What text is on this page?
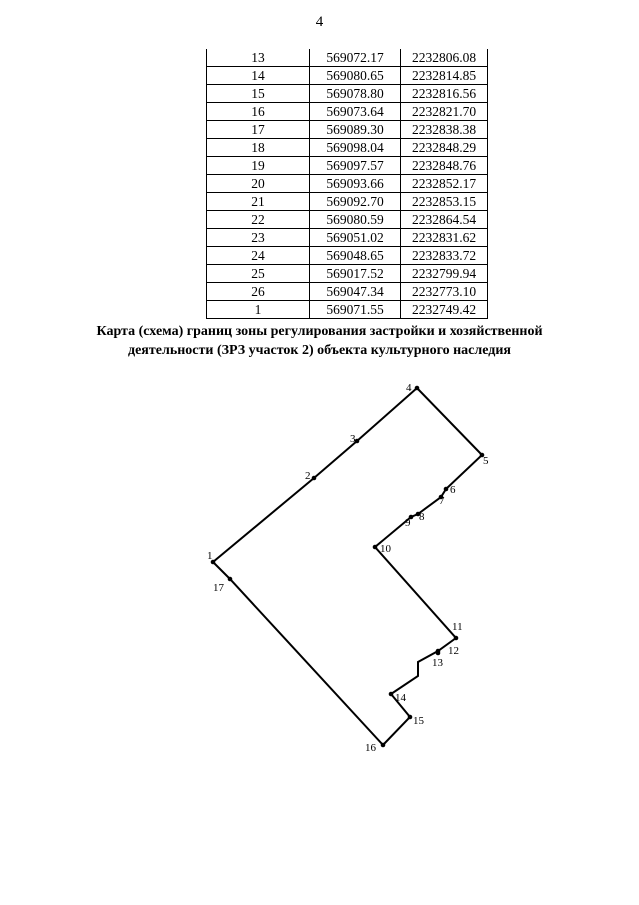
4
13	569072.17	2232806.08
14	569080.65	2232814.85
15	569078.80	2232816.56
16	569073.64	2232821.70
17	569089.30	2232838.38
18	569098.04	2232848.29
19	569097.57	2232848.76
20	569093.66	2232852.17
21	569092.70	2232853.15
22	569080.59	2232864.54
23	569051.02	2232831.62
24	569048.65	2232833.72
25	569017.52	2232799.94
26	569047.34	2232773.10
1	569071.55	2232749.42
Карта (схема) границ зоны регулирования застройки и хозяйственной
деятельности (ЗРЗ участок 2) объекта культурного наследия
1
2
3
4
5
6
7
8
9
10
11
12
13
14
15
16
17
